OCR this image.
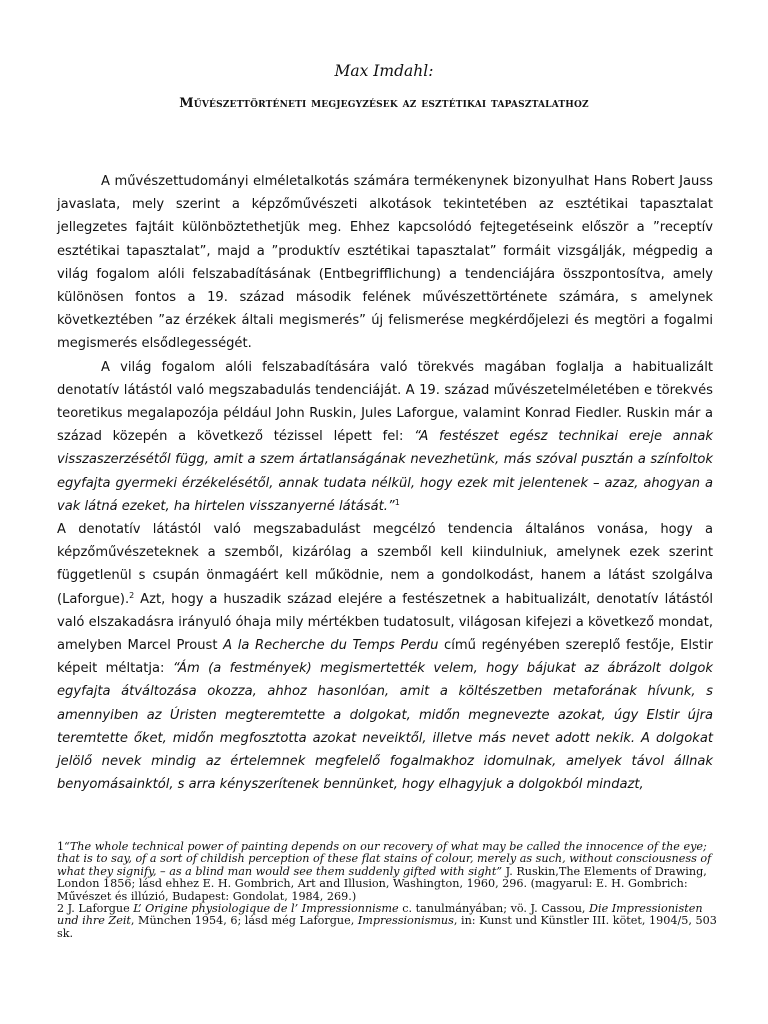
Max Imdahl:
Művészettörténeti megjegyzések az esztétikai tapasztalathoz

A művészettudományi elméletalkotás számára termékenynek bizonyulhat Hans Robert Jauss javaslata, mely szerint a képzőművészeti alkotások tekintetében az esztétikai tapasztalat jellegzetes fajtáit különböztethetjük meg. Ehhez kapcsolódó fejtegetéseink először a ”receptív esztétikai tapasztalat”, majd a ”produktív esztétikai tapasztalat” formáit vizsgálják, mégpedig a világ fogalom alóli felszabadításának (Entbegrifflichung) a tendenciájára összpontosítva, amely különösen fontos a 19. század második felének művészettörténete számára, s amelynek következtében ”az érzékek általi megismerés” új felismerése megkérdőjelezi és megtöri a fogalmi megismerés elsődlegességét.

A világ fogalom alóli felszabadítására való törekvés magában foglalja a habitualizált denotatív látástól való megszabadulás tendenciáját. A 19. század művészetelméletében e törekvés teoretikus megalapozója például John Ruskin, Jules Laforgue, valamint Konrad Fiedler. Ruskin már a század közepén a következő tézissel lépett fel: “A festészet egész technikai ereje annak visszaszerzésétől függ, amit a szem ártatlanságának nevezhetünk, más szóval pusztán a színfoltok egyfajta gyermeki érzékelésétől, annak tudata nélkül, hogy ezek mit jelentenek – azaz, ahogyan a vak látná ezeket, ha hirtelen visszanyerné látását.”$^1$

A denotatív látástól való megszabadulást megcélzó tendencia általános vonása, hogy a képzőművészeteknek a szemből, kizárólag a szemből kell kiindulniuk, amelynek ezek szerint függetlenül s csupán önmagáért kell működnie, nem a gondolkodást, hanem a látást szolgálva (Laforgue).$^2$ Azt, hogy a huszadik század elejére a festészetnek a habitualizált, denotatív látástól való elszakadásra irányuló óhaja mily mértékben tudatosult, világosan kifejezi a következő mondat, amelyben Marcel Proust A la Recherche du Temps Perdu című regényében szereplő festője, Elstir képeit méltatja: “Ám (a festmények) megismertették velem, hogy bájukat az ábrázolt dolgok egyfajta átváltozása okozza, ahhoz hasonlóan, amit a költészetben metaforának hívunk, s amennyiben az Úristen megteremtette a dolgokat, midőn megnevezte azokat, úgy Elstir újra teremtette őket, midőn megfosztotta azokat neveiktől, illetve más nevet adott nekik. A dolgokat jelölő nevek mindig az értelemnek megfelelő fogalmakhoz idomulnak, amelyek távol állnak benyomásainktól, s arra kényszerítenek bennünket, hogy elhagyjuk a dolgokból mindazt,

1“The whole technical power of painting depends on our recovery of what may be called the innocence of the eye; that is to say, of a sort of childish perception of these flat stains of colour, merely as such, without consciousness of what they signify, – as a blind man would see them suddenly gifted with sight” J. Ruskin,The Elements of Drawing, London 1856; lásd ehhez E. H. Gombrich, Art and Illusion, Washington, 1960, 296. (magyarul: E. H. Gombrich: Művészet és illúzió, Budapest: Gondolat, 1984, 269.)

2 J. Laforgue L’ Origine physiologique de l’ Impressionnisme c. tanulmányában; vö. J. Cassou, Die Impressionisten und ihre Zeit, München 1954, 6; lásd még Laforgue, Impressionismus, in: Kunst und Künstler III. kötet, 1904/5, 503 sk.
